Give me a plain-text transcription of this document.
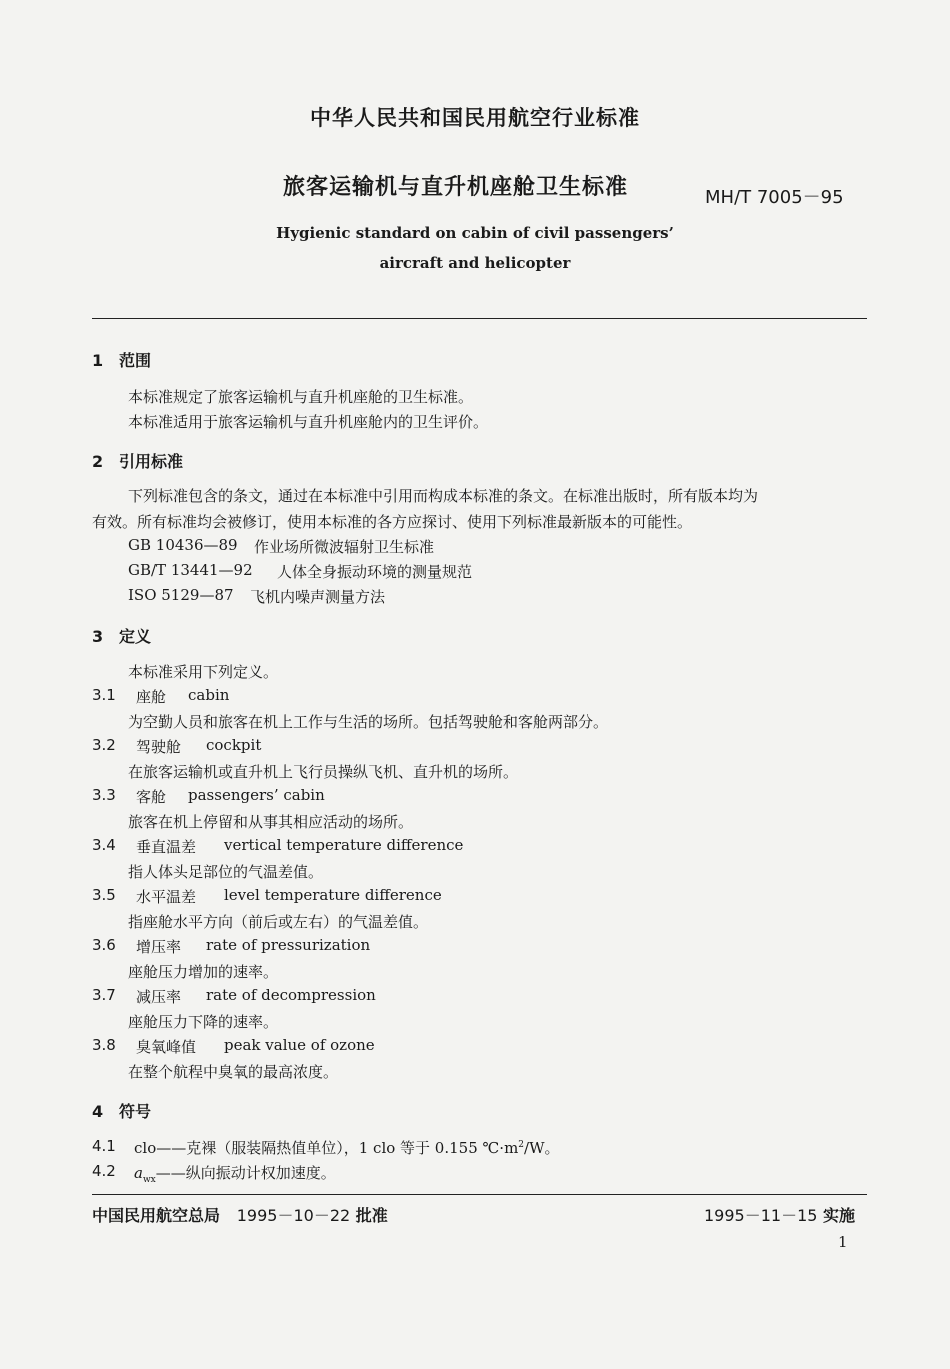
中华人民共和国民用航空行业标准
旅客运输机与直升机座舱卫生标准	MH/T 7005－95
Hygienic standard on cabin of civil passengers’
aircraft and helicopter
1 范围
本标准规定了旅客运输机与直升机座舱的卫生标准。
本标准适用于旅客运输机与直升机座舱内的卫生评价。
2 引用标准
下列标准包含的条文，通过在本标准中引用而构成本标准的条文。在标准出版时，所有版本均为
有效。所有标准均会被修订，使用本标准的各方应探讨、使用下列标准最新版本的可能性。
GB 10436—89 作业场所微波辐射卫生标准
GB/T 13441—92 人体全身振动环境的测量规范
ISO 5129—87 飞机内噪声测量方法
3 定义
本标准采用下列定义。
3.1 座舱 cabin
为空勤人员和旅客在机上工作与生活的场所。包括驾驶舱和客舱两部分。
3.2 驾驶舱 cockpit
在旅客运输机或直升机上飞行员操纵飞机、直升机的场所。
3.3 客舱 passengers’ cabin
旅客在机上停留和从事其相应活动的场所。
3.4 垂直温差 vertical temperature difference
指人体头足部位的气温差值。
3.5 水平温差 level temperature difference
指座舱水平方向（前后或左右）的气温差值。
3.6 增压率 rate of pressurization
座舱压力增加的速率。
3.7 减压率 rate of decompression
座舱压力下降的速率。
3.8 臭氧峰值 peak value of ozone
在整个航程中臭氧的最高浓度。
4 符号
4.1 clo——克裸（服装隔热值单位），1 clo 等于 0.155 $℃\cdot m^2/W$。
4.2 $a_{wx}——$纵向振动计权加速度。
中国民用航空总局 1995－10－22 批准	1995－11－15 实施
1
